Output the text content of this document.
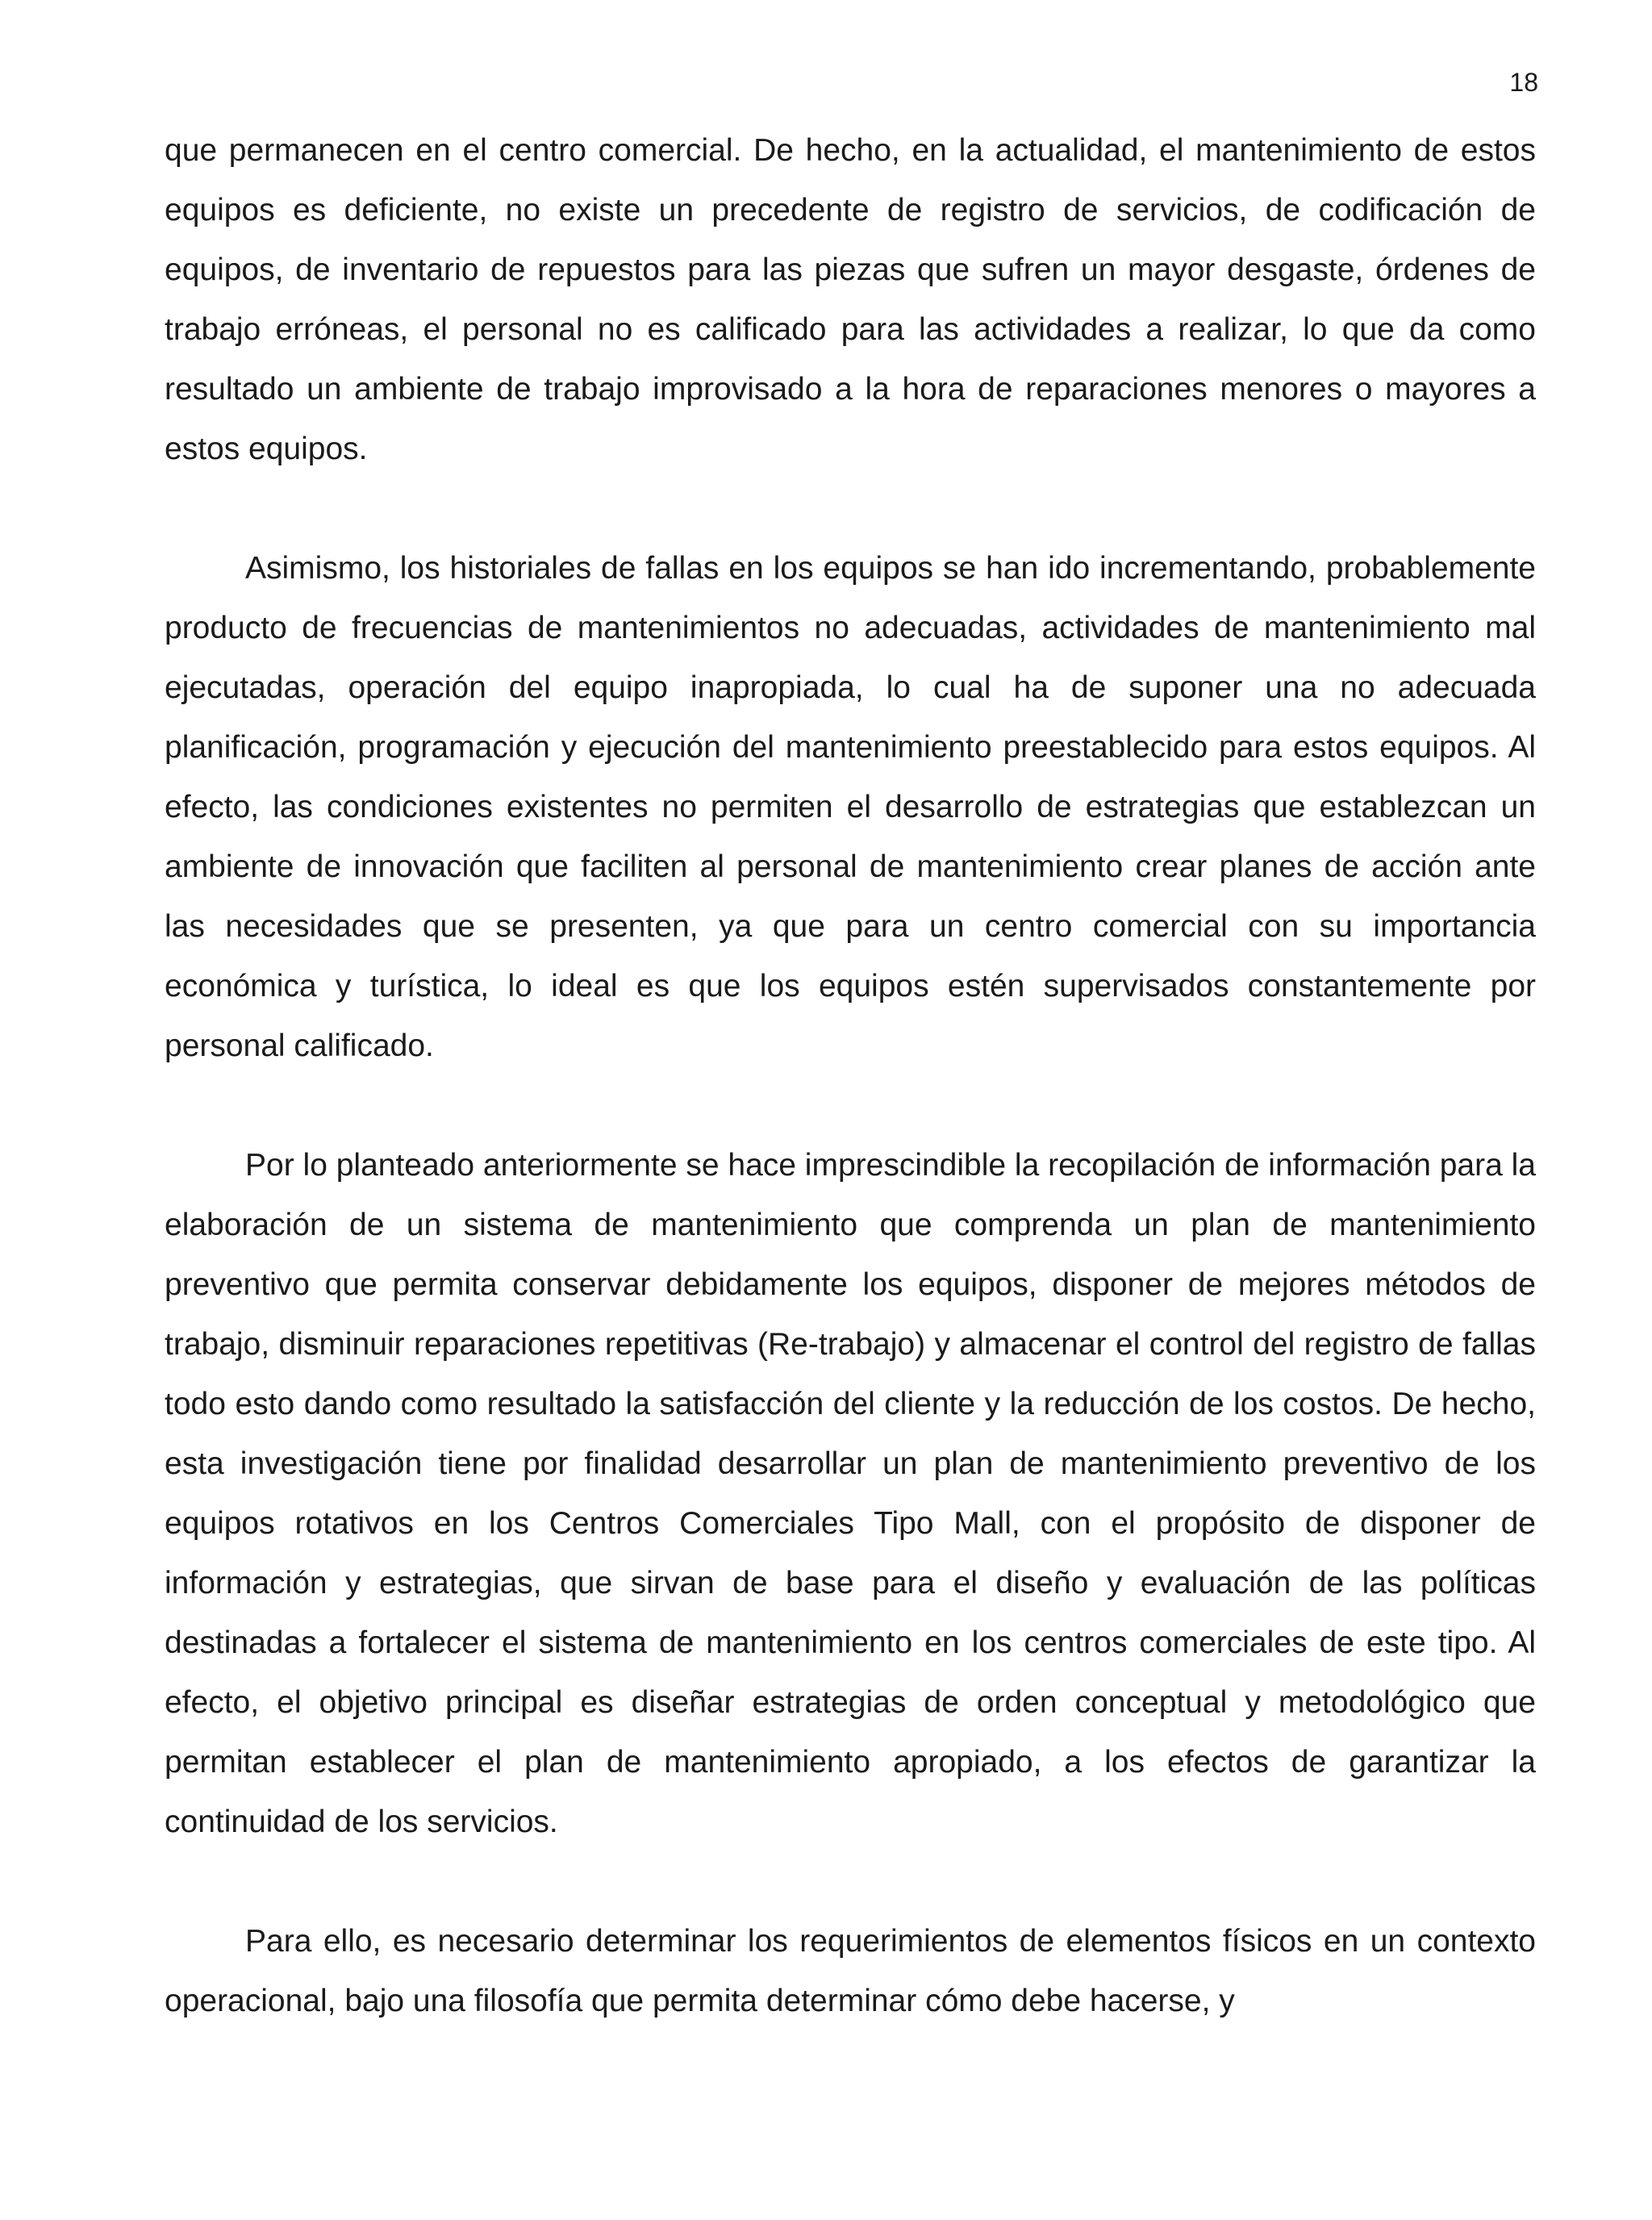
18

que permanecen en el centro comercial. De hecho, en la actualidad, el mantenimiento de estos equipos es deficiente, no existe un precedente de registro de servicios, de codificación de equipos, de inventario de repuestos para las piezas que sufren un mayor desgaste, órdenes de trabajo erróneas, el personal no es calificado para las actividades a realizar, lo que da como resultado un ambiente de trabajo improvisado a la hora de reparaciones menores o mayores a estos equipos.

Asimismo, los historiales de fallas en los equipos se han ido incrementando, probablemente producto de frecuencias de mantenimientos no adecuadas, actividades de mantenimiento mal ejecutadas, operación del equipo inapropiada, lo cual ha de suponer una no adecuada planificación, programación y ejecución del mantenimiento preestablecido para estos equipos. Al efecto, las condiciones existentes no permiten el desarrollo de estrategias que establezcan un ambiente de innovación que faciliten al personal de mantenimiento crear planes de acción ante las necesidades que se presenten, ya que para un centro comercial con su importancia económica y turística, lo ideal es que los equipos estén supervisados constantemente por personal calificado.

Por lo planteado anteriormente se hace imprescindible la recopilación de información para la elaboración de un sistema de mantenimiento que comprenda un plan de mantenimiento preventivo que permita conservar debidamente los equipos, disponer de mejores métodos de trabajo, disminuir reparaciones repetitivas (Re-trabajo) y almacenar el control del registro de fallas todo esto dando como resultado la satisfacción del cliente y la reducción de los costos. De hecho, esta investigación tiene por finalidad desarrollar un plan de mantenimiento preventivo de los equipos rotativos en los Centros Comerciales Tipo Mall, con el propósito de disponer de información y estrategias, que sirvan de base para el diseño y evaluación de las políticas destinadas a fortalecer el sistema de mantenimiento en los centros comerciales de este tipo. Al efecto, el objetivo principal es diseñar estrategias de orden conceptual y metodológico que permitan establecer el plan de mantenimiento apropiado, a los efectos de garantizar la continuidad de los servicios.

Para ello, es necesario determinar los requerimientos de elementos físicos en un contexto operacional, bajo una filosofía que permita determinar cómo debe hacerse, y
